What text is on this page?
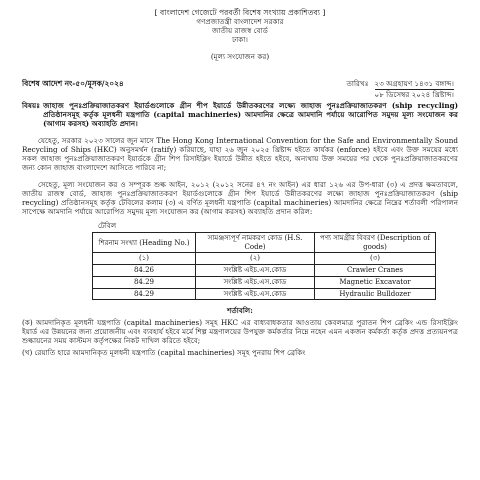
[ বাংলাদেশ গেজেটে পরবর্তী বিশেষ সংখ্যায় প্রকাশিতব্য ]
গণপ্রজাতন্ত্রী বাংলাদেশ সরকার
জাতীয় রাজস্ব বোর্ড
ঢাকা।
(মূল্য সংযোজন কর)
বিশেষ আদেশ নং-৫০/মূসক/২০২৪	তারিখঃ ২৩ অগ্রহায়ণ ১৪৩১ বঙ্গাব্দ।
০৮ ডিসেম্বর ২০২৪ খ্রিষ্টাব্দ।
বিষয়ঃ জাহাজ পুনঃপ্রক্রিয়াজাতকরণ ইয়ার্ডগুলোকে গ্রীন শীপ ইয়ার্ডে উন্নীতকরণের লক্ষ্যে জাহাজ পুনঃপ্রক্রিয়াজাতকরণ (ship recycling) প্রতিষ্ঠানসমূহ কর্তৃক মূলধনী যন্ত্রপাতি (capital machineries) আমদানির ক্ষেত্রে আমদানি পর্যায়ে আরোপিত সমুদয় মূল্য সংযোজন কর (আগাম করসহ) অব্যাহতি প্রদান।
যেহেতু, সরকার ২০২৩ সালের জুন মাসে The Hong Kong International Convention for the Safe and Environmentally Sound Recycling of Ships (HKC) অনুসমর্থন (ratify) করিয়াছে, যাহা ২৬ জুন ২০২৫ খ্রিষ্টাব্দ হইতে কার্যকর (enforce) হইবে এবং উক্ত সময়ের মধ্যে সকল জাহাজ পুনঃপ্রক্রিয়াজাতকরণ ইয়ার্ডকে গ্রীন শিপ রিসাইক্লিং ইয়ার্ডে উন্নীত হইতে হইবে, অন্যথায় উক্ত সময়ের পর থেকে পুনঃপ্রক্রিয়াজাতকরণের জন্য কোন জাহাজ বাংলাদেশে আসিতে পারিবে না;
সেহেতু, মূল্য সংযোজন কর ও সম্পূরক শুল্ক আইন, ২০১২ (২০১২ সনের ৪৭ নং আইন) এর ধারা ১২৬ এর উপ-ধারা (৩) এ প্রদত্ত ক্ষমতাবলে, জাতীয় রাজস্ব বোর্ড, জাহাজ পুনঃপ্রক্রিয়াজাতকরণ ইয়ার্ডগুলোকে গ্রীন শিপ ইয়ার্ডে উন্নীতকরণের লক্ষ্যে জাহাজ পুনঃপ্রক্রিয়াজাতকরণ (ship recycling) প্রতিষ্ঠানসমূহ কর্তৃক টেবিলের কলাম (৩) এ বর্ণিত মূলধনী যন্ত্রপাতি (capital machineries) আমদানির ক্ষেত্রে নিম্নের শর্তাবলী পরিপালন সাপেক্ষে আমদানি পর্যায়ে আরোপিত সমুদয় মূল্য সংযোজন কর (আগাম করসহ) অব্যাহতি প্রদান করিল:
টেবিল
শিরনাম সংখ্যা (Heading No.)	সামঞ্জস্যপূর্ণ নামকরণ কোড (H.S. Code)	পণ্য সামগ্রীর বিবরণ (Description of goods)
(১)	(২)	(৩)
84.26	সংশ্লিষ্ট এইচ.এস.কোড	Crawler Cranes
84.29	সংশ্লিষ্ট এইচ.এস.কোড	Magnetic Excavator
84.29	সংশ্লিষ্ট এইচ.এস.কোড	Hydraulic Bulldozer
শর্তাবলি:
(ক) আমদানিকৃত মূলধনী যন্ত্রপাতি (capital machineries) সমূহ HKC এর বাধ্যবাধকতার আওতায় কেবলমাত্র পুরাতন শিপ ব্রেকিং এন্ড রিসাইক্লিং ইয়ার্ড এর উন্নয়নের জন্য প্রয়োজনীয় এবং ব্যবহার্য হইবে মর্মে শিল্প মন্ত্রণালয়ের উপযুক্ত কর্মকর্তার নিম্নে নহেন এমন একজন কর্মকর্তা কর্তৃক প্রদত্ত প্রত্যয়নপত্র শুল্কায়নের সময় কাস্টমস কর্তৃপক্ষের নিকট দাখিল করিতে হইবে;
(খ) রেয়াতি হারে আমদানিকৃত মূলধনী যন্ত্রপাতি (capital machineries) সমূহ পুনরায় শিপ ব্রেকিং
